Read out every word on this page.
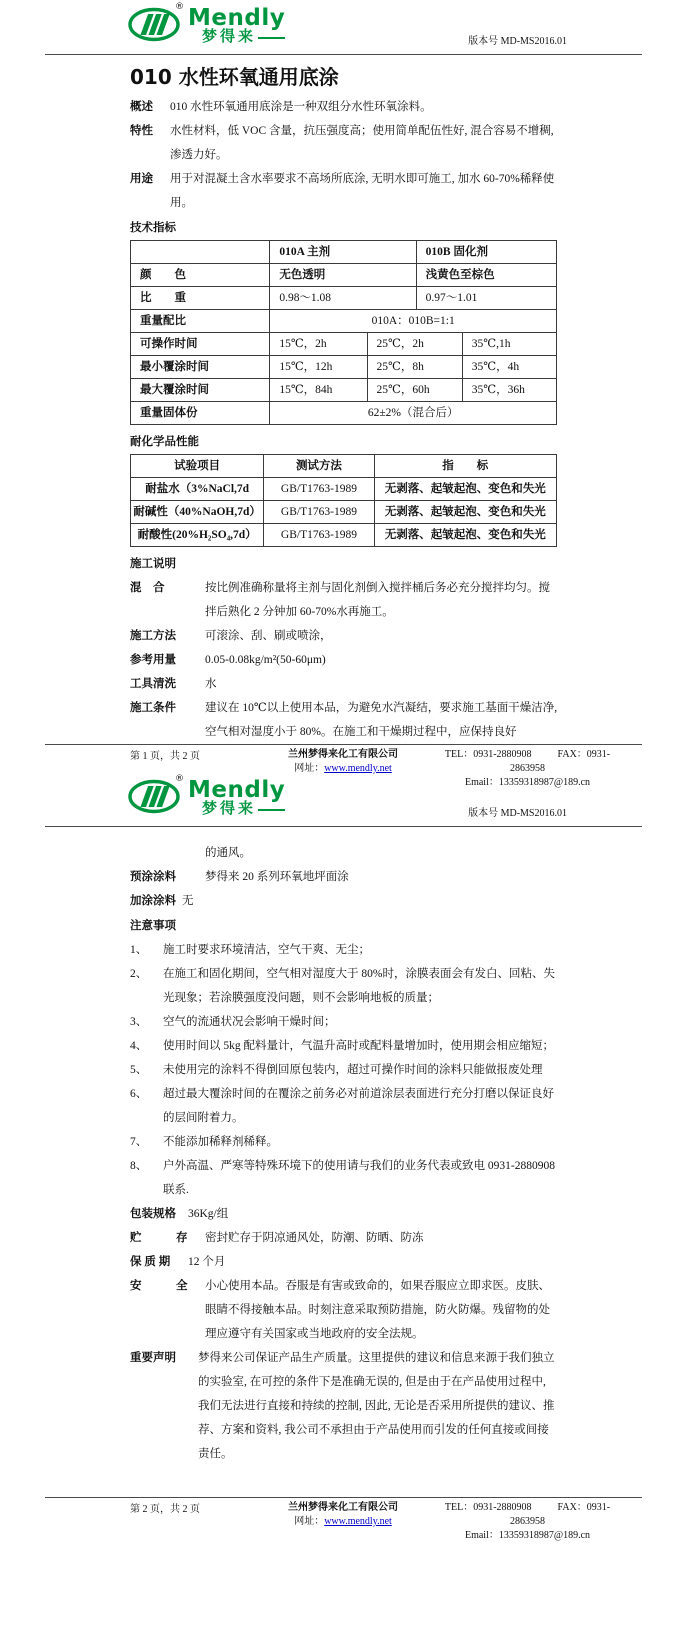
® Mendly
梦得来	版本号 MD-MS2016.01
010 水性环氧通用底涂
概述	010 水性环氧通用底涂是一种双组分水性环氧涂料。
特性	水性材料，低 VOC 含量，抗压强度高；使用简单配伍性好, 混合容易不增稠, 渗透力好。
用途	用于对混凝土含水率要求不高场所底涂, 无明水即可施工, 加水 60-70%稀释使用。
技术指标
	010A 主剂		010B 固化剂	
颜　　色	无色透明		浅黄色至棕色	
比　　重	0.98～1.08		0.97～1.01	
重量配比	010A：010B=1:1			
可操作时间	15℃，2h	25℃，2h		35℃,1h
最小覆涂时间	15℃，12h	25℃，8h		35℃，4h
最大覆涂时间	15℃，84h	25℃，60h		35℃，36h
重量固体份	62±2%（混合后）			
耐化学品性能
试验项目	测试方法	指　　标
耐盐水（3%NaCl,7d	GB/T1763-1989	无剥落、起皱起泡、变色和失光
耐碱性（40%NaOH,7d）	GB/T1763-1989	无剥落、起皱起泡、变色和失光
耐酸性(20%H₂SO₄,7d）	GB/T1763-1989	无剥落、起皱起泡、变色和失光
施工说明
混　合	按比例准确称量将主剂与固化剂倒入搅拌桶后务必充分搅拌均匀。搅拌后熟化 2 分钟加 60-70%水再施工。
施工方法	可滚涂、刮、刷或喷涂，
参考用量	0.05-0.08kg/m²(50-60μm)
工具清洗	水
施工条件	建议在 10℃以上使用本品，为避免水汽凝结，要求施工基面干燥洁净, 空气相对湿度小于 80%。在施工和干燥期过程中，应保持良好
第 1 页，共 2 页	兰州梦得来化工有限公司
网址：www.mendly.net
TEL：0931-2880908	FAX：0931-2863958
Email：13359318987@189.cn
® Mendly
梦得来	版本号 MD-MS2016.01
的通风。
预涂涂料	梦得来 20 系列环氧地坪面涂
加涂涂料 无
注意事项
1、	施工时要求环境清洁，空气干爽、无尘；
2、	在施工和固化期间，空气相对湿度大于 80%时，涂膜表面会有发白、回粘、失光现象；若涂膜强度没问题，则不会影响地板的质量；
3、	空气的流通状况会影响干燥时间；
4、	使用时间以 5kg 配料量计，气温升高时或配料量增加时，使用期会相应缩短；
5、	未使用完的涂料不得倒回原包装内，超过可操作时间的涂料只能做报废处理
6、	超过最大覆涂时间的在覆涂之前务必对前道涂层表面进行充分打磨以保证良好的层间附着力。
7、	不能添加稀释剂稀释。
8、	户外高温、严寒等特殊环境下的使用请与我们的业务代表或致电 0931-2880908 联系.
包装规格	36Kg/组
贮　　　存	密封贮存于阴凉通风处，防潮、防晒、防冻
保 质 期	12 个月
安　　　全	小心使用本品。吞服是有害或致命的，如果吞服应立即求医。皮肤、眼睛不得接触本品。时刻注意采取预防措施，防火防爆。残留物的处理应遵守有关国家或当地政府的安全法规。
重要声明	梦得来公司保证产品生产质量。这里提供的建议和信息来源于我们独立的实验室, 在可控的条件下是准确无误的, 但是由于在产品使用过程中, 我们无法进行直接和持续的控制, 因此, 无论是否采用所提供的建议、推荐、方案和资料, 我公司不承担由于产品使用而引发的任何直接或间接责任。
第 2 页，共 2 页	兰州梦得来化工有限公司
网址：www.mendly.net
TEL：0931-2880908	FAX：0931-2863958
Email：13359318987@189.cn
